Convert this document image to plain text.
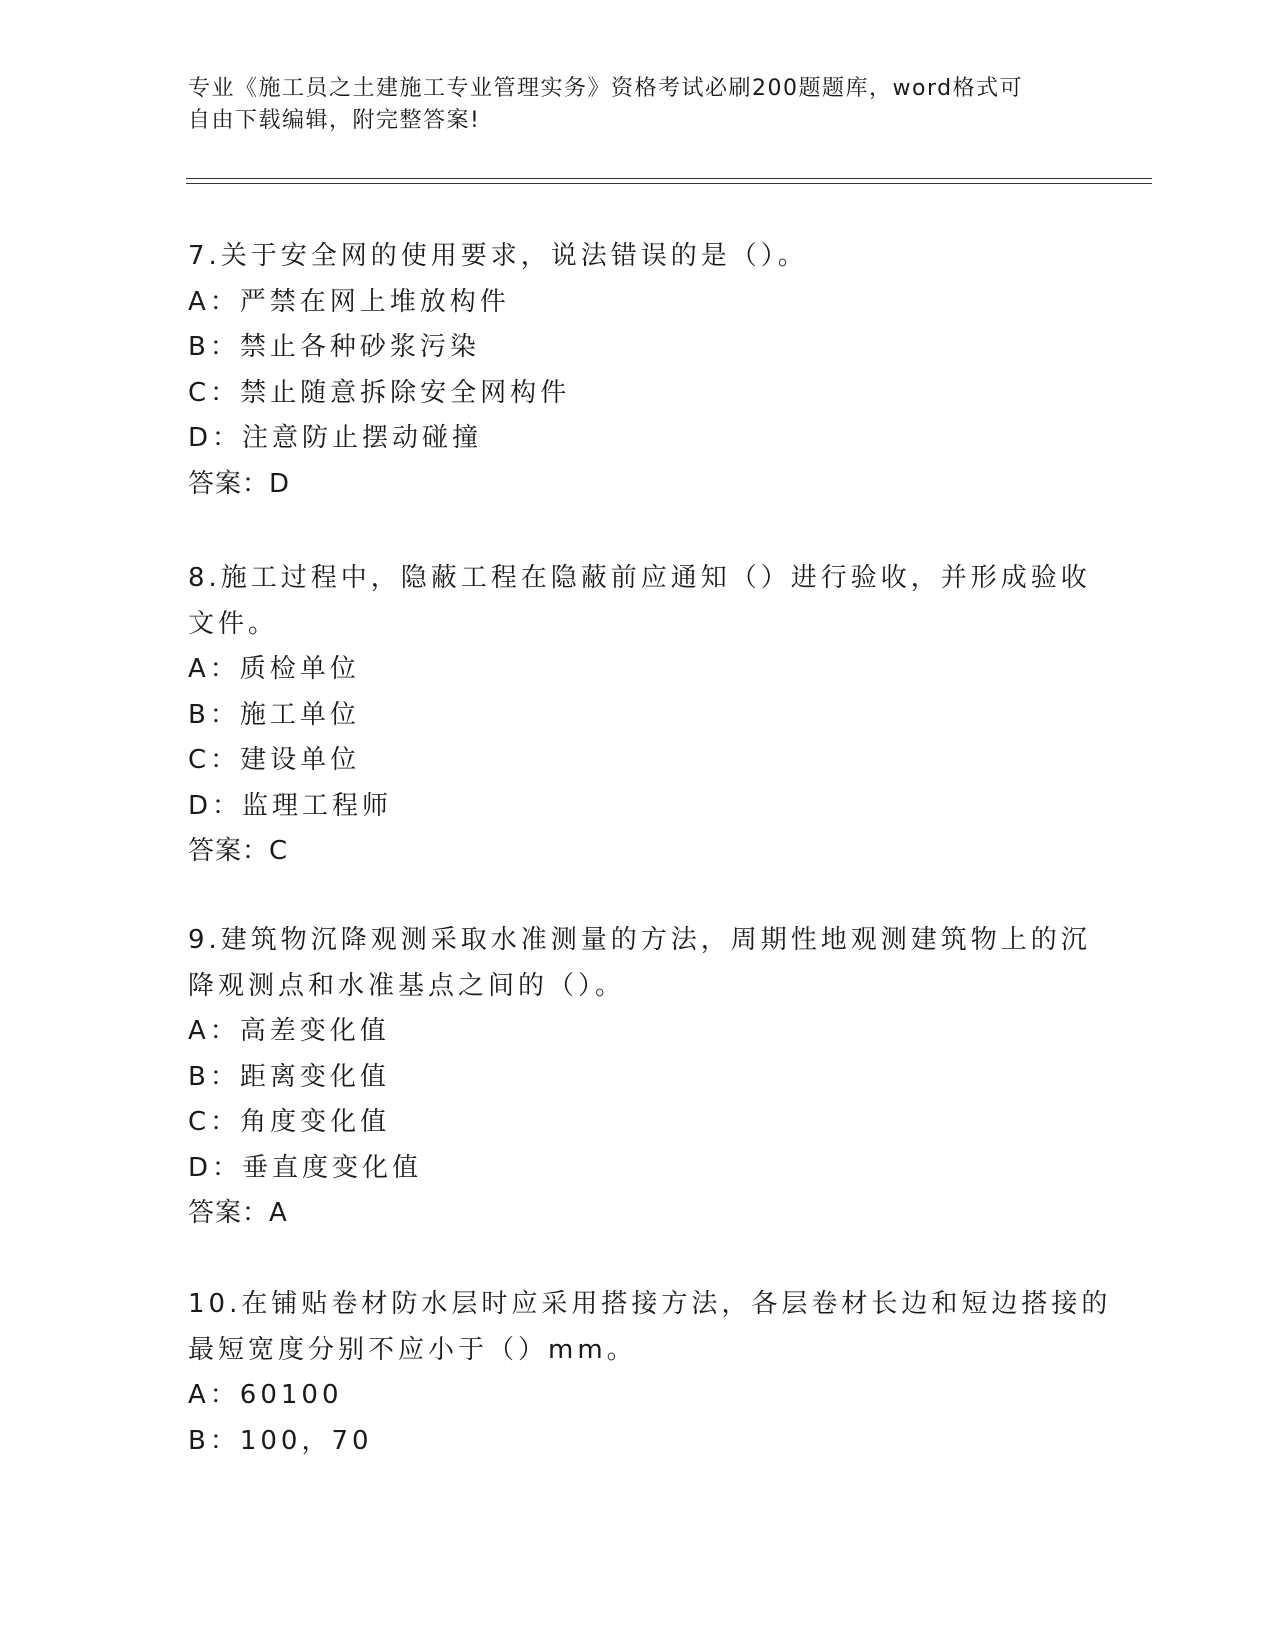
专业《施工员之土建施工专业管理实务》资格考试必刷200题题库，word格式可
自由下载编辑，附完整答案!
7.关于安全网的使用要求，说法错误的是（）。
A：严禁在网上堆放构件
B：禁止各种砂浆污染
C：禁止随意拆除安全网构件
D：注意防止摆动碰撞
答案：D
8.施工过程中，隐蔽工程在隐蔽前应通知（）进行验收，并形成验收
文件。
A：质检单位
B：施工单位
C：建设单位
D：监理工程师
答案：C
9.建筑物沉降观测采取水准测量的方法，周期性地观测建筑物上的沉
降观测点和水准基点之间的（）。
A：高差变化值
B：距离变化值
C：角度变化值
D：垂直度变化值
答案：A
10.在铺贴卷材防水层时应采用搭接方法，各层卷材长边和短边搭接的
最短宽度分别不应小于（）mm。
A：60100
B：100，70
